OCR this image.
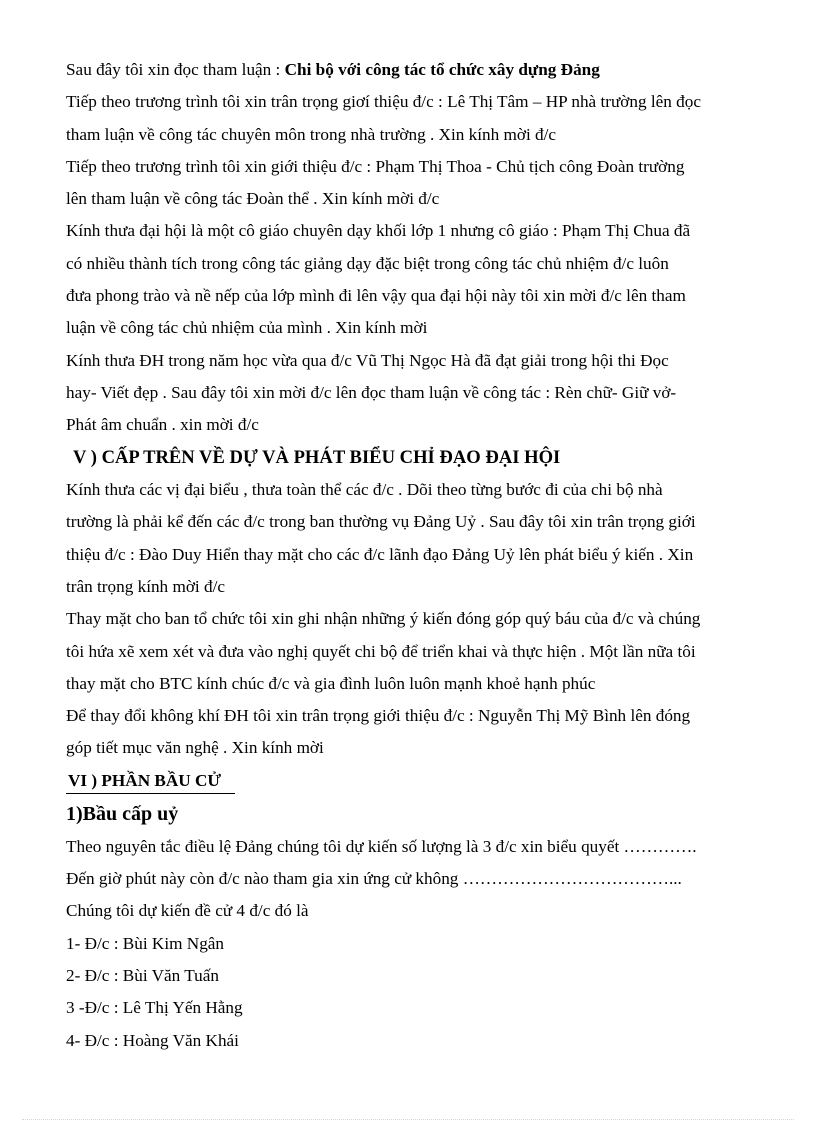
Sau đây tôi xin đọc tham luận : Chi bộ với công tác tổ chức xây dựng Đảng

Tiếp theo trương trình tôi xin trân trọng giơí thiệu đ/c : Lê Thị Tâm – HP nhà trường lên đọc

tham luận về công tác chuyên môn trong nhà trường . Xin kính mời đ/c

Tiếp theo trương trình tôi xin giới thiệu đ/c : Phạm Thị Thoa - Chủ tịch công Đoàn trường

lên tham luận về công tác Đoàn thể . Xin kính mời đ/c

Kính thưa đại hội là một cô giáo chuyên dạy khối lớp 1 nhưng cô giáo : Phạm Thị Chua đã

có nhiều thành tích trong công tác giảng dạy đặc biệt trong công tác chủ nhiệm đ/c luôn

đưa phong trào và nề nếp của lớp mình đi lên vậy qua đại hội này tôi xin mời đ/c lên tham

luận về công tác chủ nhiệm của mình . Xin kính mời

Kính thưa ĐH trong năm học vừa qua đ/c Vũ Thị Ngọc Hà đã đạt giải trong hội thi Đọc

hay- Viết đẹp . Sau đây tôi xin mời đ/c lên đọc tham luận về công tác : Rèn chữ- Giữ vở-

Phát âm chuẩn . xin mời đ/c

V ) CẤP TRÊN VỀ DỰ VÀ PHÁT BIỂU CHỈ ĐẠO ĐẠI HỘI

Kính thưa các vị đại biểu , thưa toàn thể các đ/c . Dõi theo từng bước đi của chi bộ nhà

trường là phải kể đến các đ/c trong ban thường vụ Đảng Uỷ . Sau đây tôi xin trân trọng giới

thiệu đ/c : Đào Duy Hiển thay mặt cho các đ/c lãnh đạo Đảng Uỷ lên phát biểu ý kiến . Xin

trân trọng kính mời đ/c

Thay mặt cho ban tổ chức tôi xin ghi nhận những ý kiến đóng góp quý báu của đ/c và chúng

tôi hứa xẽ xem xét và đưa vào nghị quyết chi bộ để triển khai và thực hiện . Một lần nữa tôi

thay mặt cho BTC kính chúc đ/c và gia đình luôn luôn mạnh khoẻ hạnh phúc

Để thay đổi không khí ĐH tôi xin trân trọng giới thiệu đ/c : Nguyễn Thị Mỹ Bình lên đóng

góp tiết mục văn nghệ . Xin kính mời

VI ) PHẦN BẦU CỬ
1)Bầu cấp uỷ

Theo nguyên tắc điều lệ Đảng chúng tôi dự kiến số lượng là 3 đ/c xin biểu quyết ………….

Đến giờ phút này còn đ/c nào tham gia xin ứng cử không ………………………………...

Chúng tôi dự kiến đề cử 4 đ/c đó là

1- Đ/c : Bùi Kim Ngân

2- Đ/c : Bùi Văn Tuấn

3 -Đ/c : Lê Thị Yến Hằng

4- Đ/c : Hoàng Văn Khái
